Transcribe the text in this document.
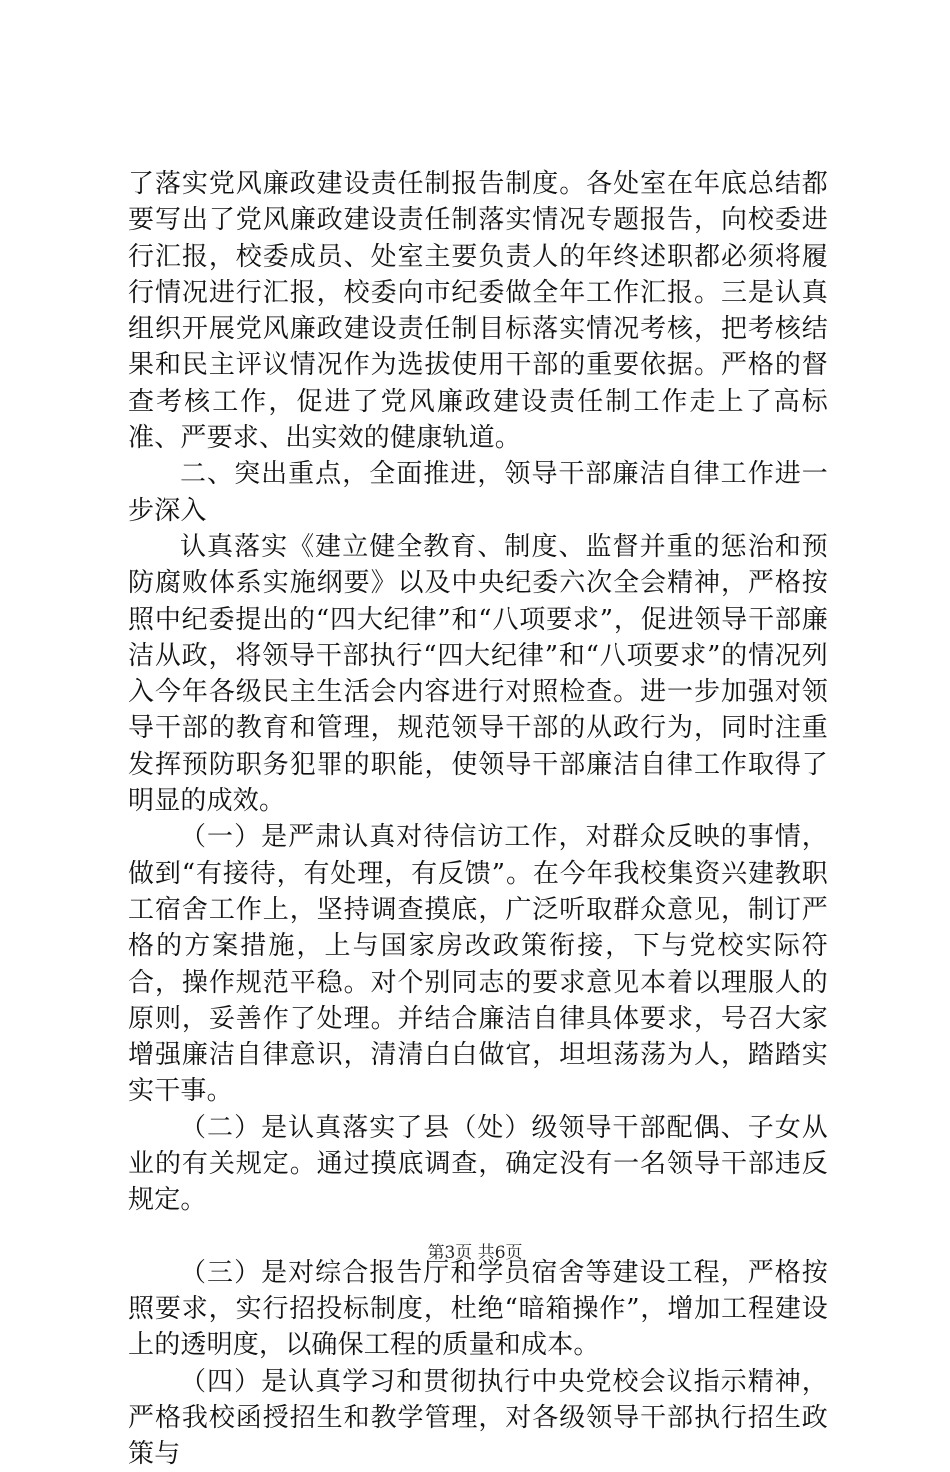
了落实党风廉政建设责任制报告制度。各处室在年底总结都要写出了党风廉政建设责任制落实情况专题报告，向校委进行汇报，校委成员、处室主要负责人的年终述职都必须将履行情况进行汇报，校委向市纪委做全年工作汇报。三是认真组织开展党风廉政建设责任制目标落实情况考核，把考核结果和民主评议情况作为选拔使用干部的重要依据。严格的督查考核工作，促进了党风廉政建设责任制工作走上了高标准、严要求、出实效的健康轨道。

二、突出重点，全面推进，领导干部廉洁自律工作进一步深入

认真落实《建立健全教育、制度、监督并重的惩治和预防腐败体系实施纲要》以及中央纪委六次全会精神，严格按照中纪委提出的“四大纪律”和“八项要求”，促进领导干部廉洁从政，将领导干部执行“四大纪律”和“八项要求”的情况列入今年各级民主生活会内容进行对照检查。进一步加强对领导干部的教育和管理，规范领导干部的从政行为，同时注重发挥预防职务犯罪的职能，使领导干部廉洁自律工作取得了明显的成效。

（一）是严肃认真对待信访工作，对群众反映的事情，做到“有接待，有处理，有反馈”。在今年我校集资兴建教职工宿舍工作上，坚持调查摸底，广泛听取群众意见，制订严格的方案措施，上与国家房改政策衔接，下与党校实际符合，操作规范平稳。对个别同志的要求意见本着以理服人的原则，妥善作了处理。并结合廉洁自律具体要求，号召大家增强廉洁自律意识，清清白白做官，坦坦荡荡为人，踏踏实实干事。

（二）是认真落实了县（处）级领导干部配偶、子女从业的有关规定。通过摸底调查，确定没有一名领导干部违反规定。

（三）是对综合报告厅和学员宿舍等建设工程，严格按照要求，实行招投标制度，杜绝“暗箱操作”，增加工程建设上的透明度，以确保工程的质量和成本。

（四）是认真学习和贯彻执行中央党校会议指示精神，严格我校函授招生和教学管理，对各级领导干部执行招生政策与

第3页 共6页
